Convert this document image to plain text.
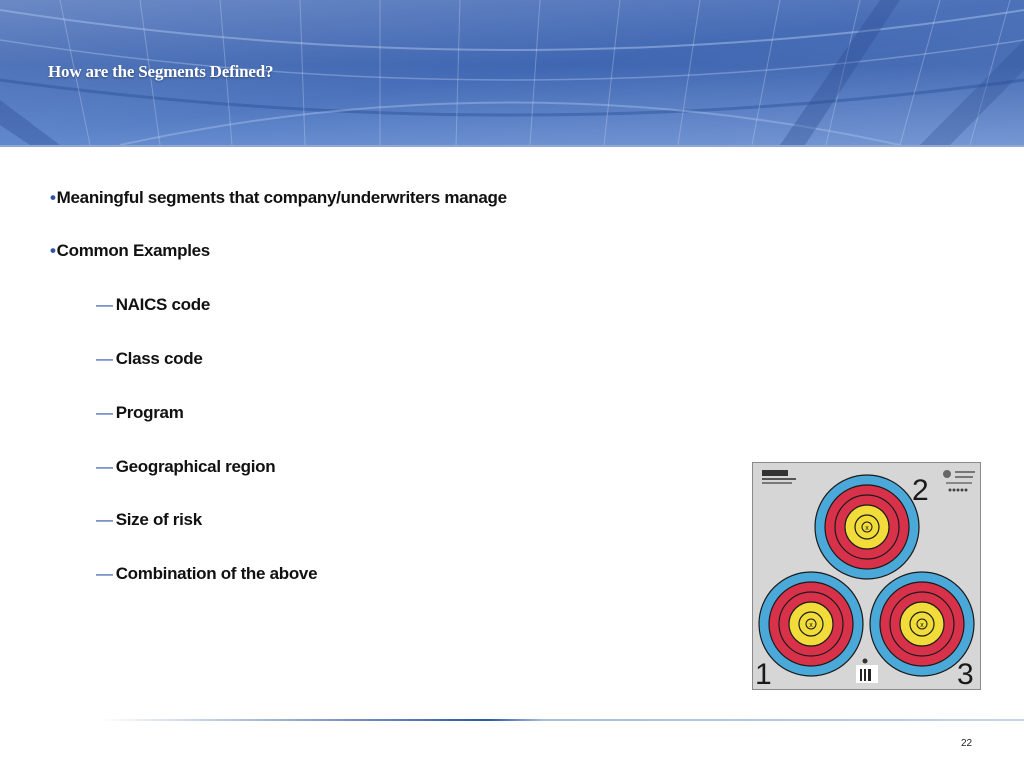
How are the Segments Defined?
•Meaningful segments that company/underwriters manage
•Common Examples
— NAICS code
— Class code
— Program
— Geographical region
— Size of risk
— Combination of the above
x
x	x
2
1	3
22
